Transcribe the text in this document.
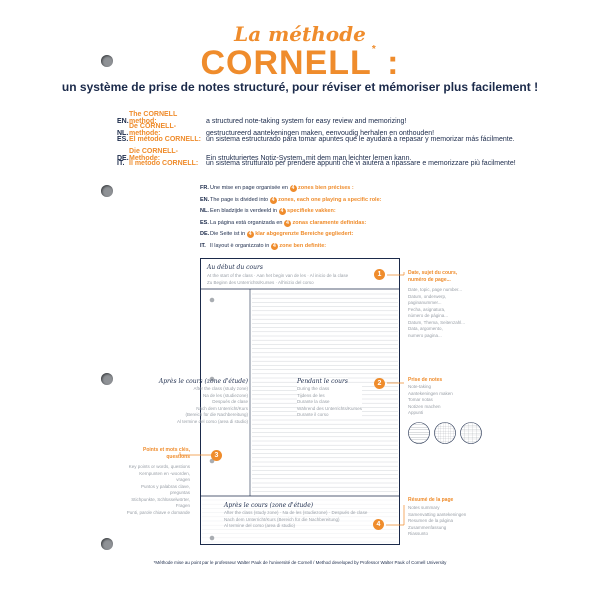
La méthode
CORNELL* :
un système de prise de notes structuré, pour réviser et mémoriser plus facilement !
EN.The CORNELL method:	a structured note-taking system for easy review and memorizing!
NL.De CORNELL-methode:	gestructureerd aantekeningen maken, eenvoudig herhalen en onthouden!
ES.El método CORNELL: un sistema estructurado para tomar apuntes que le ayudará a repasar y memorizar más fácilmente.
DE.Die CORNELL-Methode:	Ein strukturiertes Notiz-System, mit dem man leichter lernen kann.
IT. Il metodo CORNELL: un sistema strutturato per prendere appunti che vi aiuterà a ripassare e memorizzare più facilmente!
FR.Une mise en page organisée en 4 zones bien précises :
EN.The page is divided into 4 zones, each one playing a specific role:
NL.Een bladzijde is verdeeld in 4 specifieke vakken:
ES.La página está organizada en 4 zonas claramente definidas:
DE.Die Seite ist in 4 klar abgegrenzte Bereiche gegliedert:
IT. Il layout è organizzato in 4 zone ben definite:
Au début du cours
At the start of the class · Aan het begin van de les · Al inicio de la clase
Zu Beginn des Unterrichts/Kurses · All'inizio del corso
Pendant le cours
During the class
Tijdens de les
Durante la clase
Während des Unterrichts/Kurses
Durante il corso
Après le cours (zone d'étude)
After the class (study zone)
Na de les (studiezone)
Después de clase
Nach dem Unterricht/Kurs
(Bereich für die Nachbereitung)
Al termine del corso (area di studio)
Après le cours (zone d'étude)
After the class (study zone) · Na de les (studiezone) · Después de clase
Nach dem Unterricht/Kurs (Bereich für die Nachbereitung)
Al termine del corso (area di studio)
1
2
3
4
Date, sujet du cours,
numéro de page...
Date, topic, page number...
Datum, onderwerp,
paginanummer...
Fecha, asignatura,
número de página...
Datum, Thema, Seitenzahl...
Data, argomento,
numero pagina...
Prise de notes
Note-taking
Aantekeningen maken
Tomar notas
Notizen machen
Appunti
Points et mots clés,
questions
Key points or words, questions
Kernpunten en -woorden,
vragen
Puntos y palabras clave,
preguntas
Stichpunkte, Schlüsselwörter,
Fragen
Punti, parole chiave e domande
Résumé de la page
Notes summary
Samenvatting aantekeningen
Resumen de la página
Zusammenfassung
Riassunto
*Méthode mise au point par le professeur Walter Pauk de l'université de Cornell / Method developed by Professor Walter Pauk of Cornell University
